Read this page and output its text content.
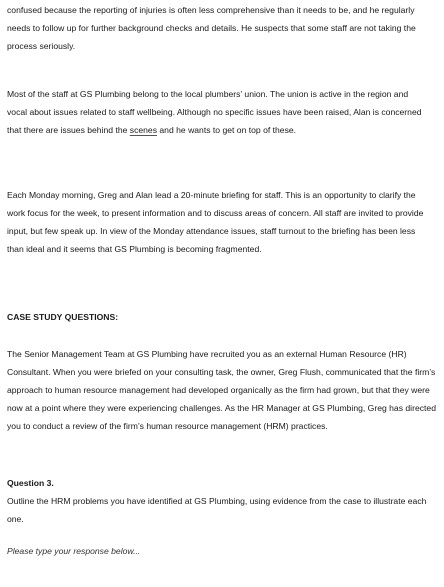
confused because the reporting of injuries is often less comprehensive than it needs to be, and he regularly needs to follow up for further background checks and details. He suspects that some staff are not taking the process seriously.

Most of the staff at GS Plumbing belong to the local plumbers’ union. The union is active in the region and vocal about issues related to staff wellbeing. Although no specific issues have been raised, Alan is concerned that there are issues behind the scenes and he wants to get on top of these.

Each Monday morning, Greg and Alan lead a 20-minute briefing for staff. This is an opportunity to clarify the work focus for the week, to present information and to discuss areas of concern. All staff are invited to provide input, but few speak up. In view of the Monday attendance issues, staff turnout to the briefing has been less than ideal and it seems that GS Plumbing is becoming fragmented.

CASE STUDY QUESTIONS:

The Senior Management Team at GS Plumbing have recruited you as an external Human Resource (HR) Consultant. When you were briefed on your consulting task, the owner, Greg Flush, communicated that the firm’s approach to human resource management had developed organically as the firm had grown, but that they were now at a point where they were experiencing challenges. As the HR Manager at GS Plumbing, Greg has directed you to conduct a review of the firm’s human resource management (HRM) practices.

Question 3.

Outline the HRM problems you have identified at GS Plumbing, using evidence from the case to illustrate each one.

Please type your response below...
